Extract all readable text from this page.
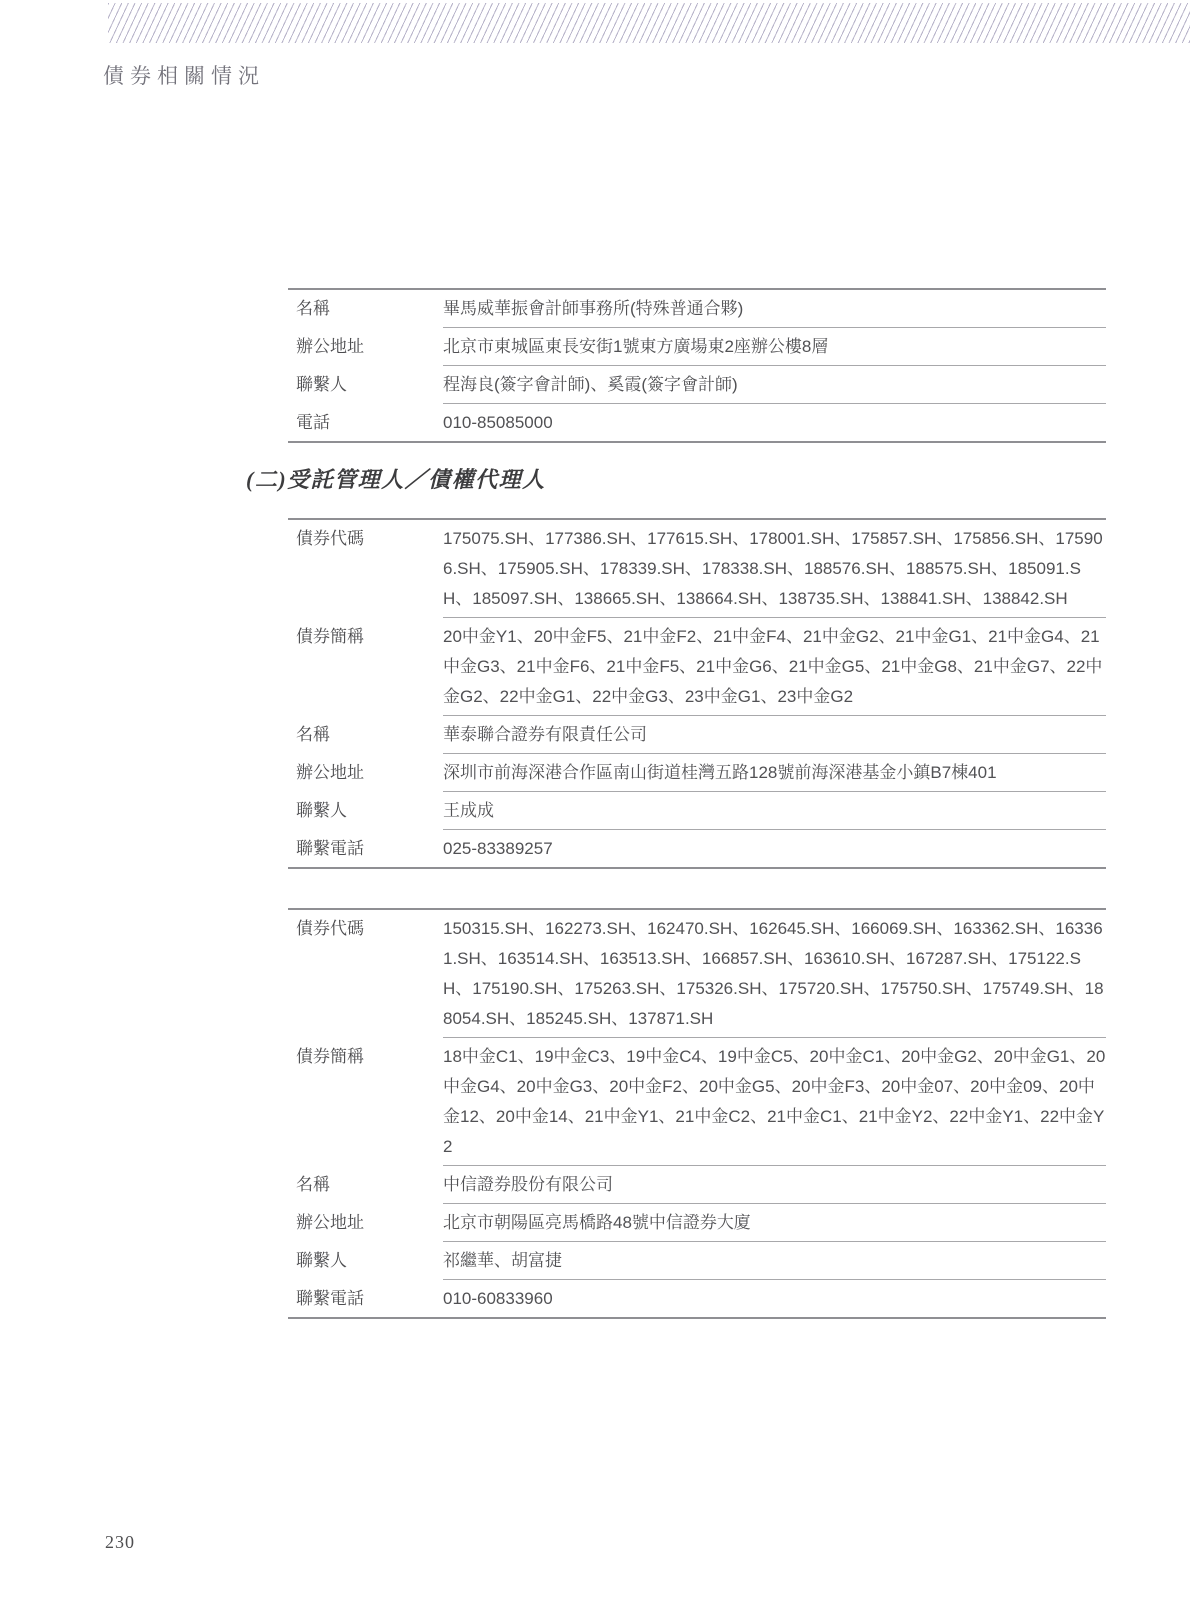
債券相關情況
名稱	畢馬威華振會計師事務所(特殊普通合夥)
辦公地址	北京市東城區東長安街1號東方廣場東2座辦公樓8層
聯繫人	程海良(簽字會計師)、奚霞(簽字會計師)
電話	010-85085000
(二)受託管理人／債權代理人
債券代碼	175075.SH、177386.SH、177615.SH、178001.SH、175857.SH、175856.SH、175906.SH、175905.SH、178339.SH、178338.SH、188576.SH、188575.SH、185091.SH、185097.SH、138665.SH、138664.SH、138735.SH、138841.SH、138842.SH
債券簡稱	20中金Y1、20中金F5、21中金F2、21中金F4、21中金G2、21中金G1、21中金G4、21中金G3、21中金F6、21中金F5、21中金G6、21中金G5、21中金G8、21中金G7、22中金G2、22中金G1、22中金G3、23中金G1、23中金G2
名稱	華泰聯合證券有限責任公司
辦公地址	深圳市前海深港合作區南山街道桂灣五路128號前海深港基金小鎮B7棟401
聯繫人	王成成
聯繫電話	025-83389257
債券代碼	150315.SH、162273.SH、162470.SH、162645.SH、166069.SH、163362.SH、163361.SH、163514.SH、163513.SH、166857.SH、163610.SH、167287.SH、175122.SH、175190.SH、175263.SH、175326.SH、175720.SH、175750.SH、175749.SH、188054.SH、185245.SH、137871.SH
債券簡稱	18中金C1、19中金C3、19中金C4、19中金C5、20中金C1、20中金G2、20中金G1、20中金G4、20中金G3、20中金F2、20中金G5、20中金F3、20中金07、20中金09、20中金12、20中金14、21中金Y1、21中金C2、21中金C1、21中金Y2、22中金Y1、22中金Y2
名稱	中信證券股份有限公司
辦公地址	北京市朝陽區亮馬橋路48號中信證券大廈
聯繫人	祁繼華、胡富捷
聯繫電話	010-60833960
230
